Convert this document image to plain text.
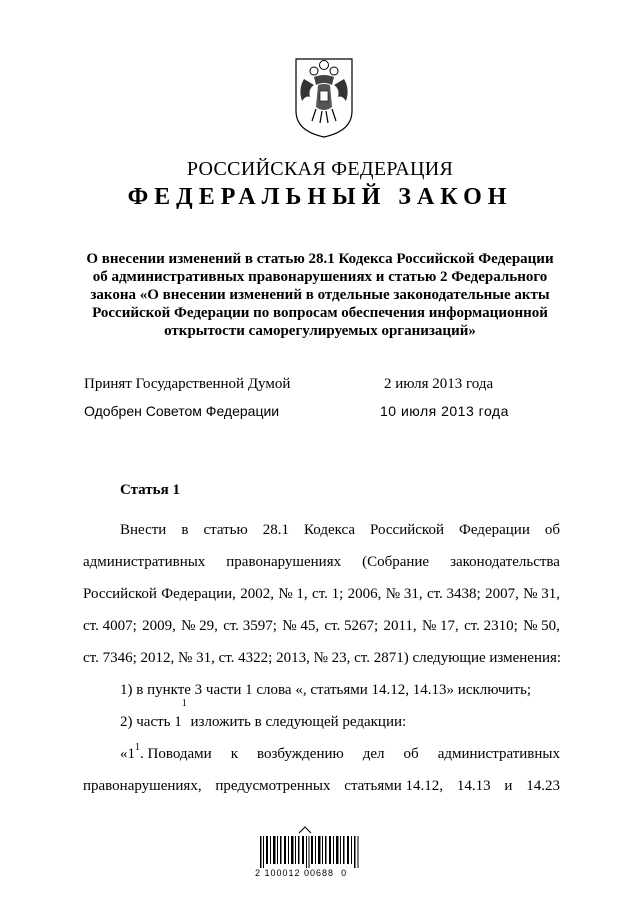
РОССИЙСКАЯ ФЕДЕРАЦИЯ
ФЕДЕРАЛЬНЫЙ ЗАКОН
О внесении изменений в статью 28.1 Кодекса Российской Федерации
об административных правонарушениях и статью 2 Федерального
закона «О внесении изменений в отдельные законодательные акты
Российской Федерации по вопросам обеспечения информационной
открытости саморегулируемых организаций»
Принят Государственной Думой	2 июля 2013 года
Одобрен Советом Федерации	10 июля 2013 года
Статья 1
Внести в статью 28.1 Кодекса Российской Федерации об
административных правонарушениях (Собрание законодательства
Российской Федерации, 2002, № 1, ст. 1; 2006, № 31, ст. 3438; 2007, № 31,
ст. 4007; 2009, № 29, ст. 3597; № 45, ст. 5267; 2011, № 17, ст. 2310; № 50,
ст. 7346; 2012, № 31, ст. 4322; 2013, № 23, ст. 2871) следующие изменения:
1) в пункте 3 части 1 слова «, статьями 14.12, 14.13» исключить;
2) часть 1
$^1$
изложить в следующей редакции:
«$1^1$. Поводами к возбуждению дел об административных
правонарушениях, предусмотренных статьями 14.12, 14.13 и 14.23
2 100012 00688  0
